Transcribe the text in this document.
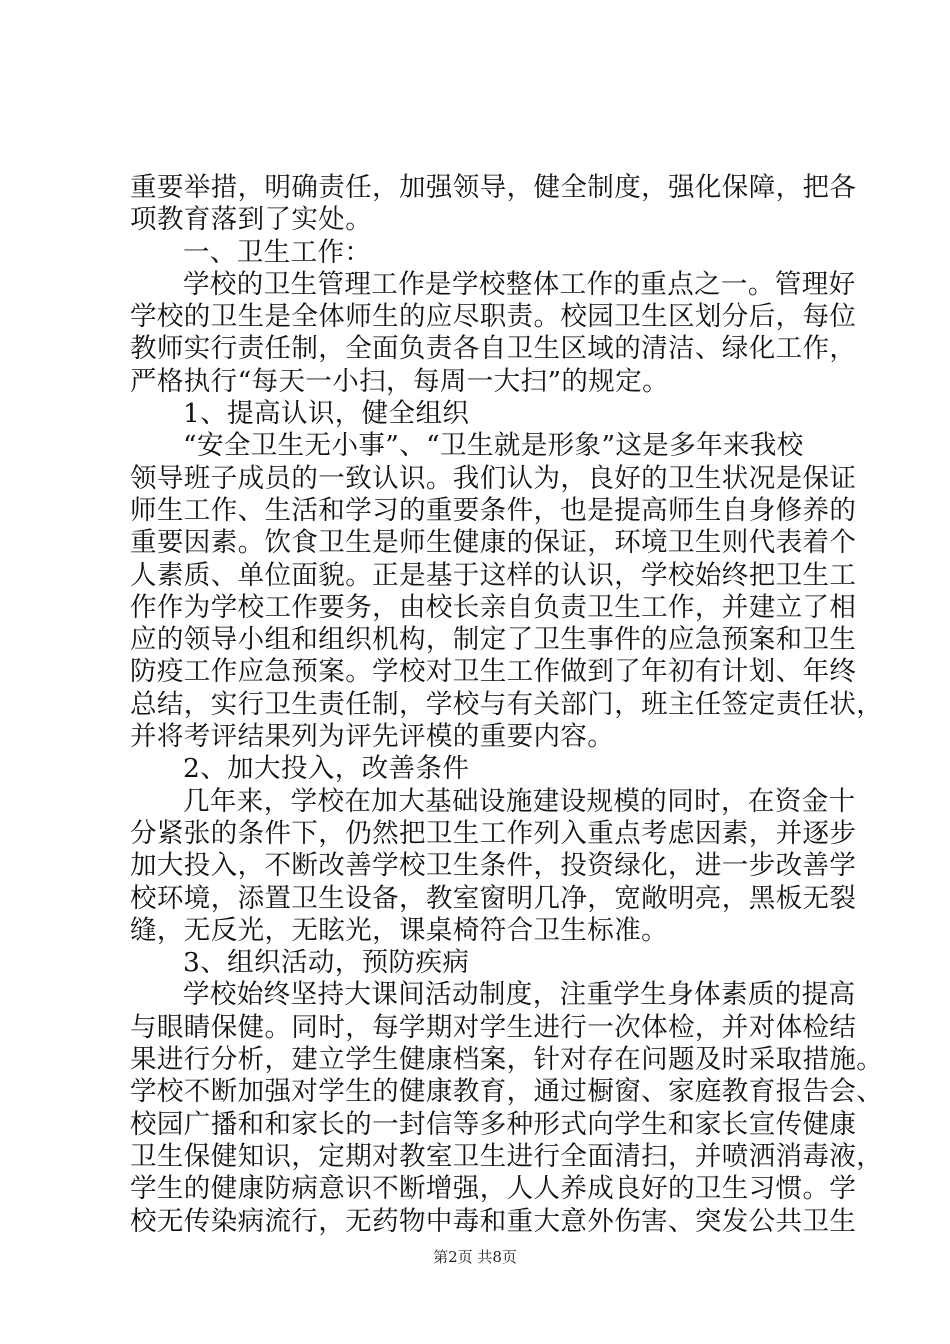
重要举措，明确责任，加强领导，健全制度，强化保障，把各
项教育落到了实处。
一、卫生工作：
学校的卫生管理工作是学校整体工作的重点之一。管理好
学校的卫生是全体师生的应尽职责。校园卫生区划分后，每位
教师实行责任制，全面负责各自卫生区域的清洁、绿化工作，
严格执行“每天一小扫，每周一大扫”的规定。
1、提高认识，健全组织
“安全卫生无小事”、“卫生就是形象”这是多年来我校
领导班子成员的一致认识。我们认为，良好的卫生状况是保证
师生工作、生活和学习的重要条件，也是提高师生自身修养的
重要因素。饮食卫生是师生健康的保证，环境卫生则代表着个
人素质、单位面貌。正是基于这样的认识，学校始终把卫生工
作作为学校工作要务，由校长亲自负责卫生工作，并建立了相
应的领导小组和组织机构，制定了卫生事件的应急预案和卫生
防疫工作应急预案。学校对卫生工作做到了年初有计划、年终
总结，实行卫生责任制，学校与有关部门，班主任签定责任状，
并将考评结果列为评先评模的重要内容。
2、加大投入，改善条件
几年来，学校在加大基础设施建设规模的同时，在资金十
分紧张的条件下，仍然把卫生工作列入重点考虑因素，并逐步
加大投入，不断改善学校卫生条件，投资绿化，进一步改善学
校环境，添置卫生设备，教室窗明几净，宽敞明亮，黑板无裂
缝，无反光，无眩光，课桌椅符合卫生标准。
3、组织活动，预防疾病
学校始终坚持大课间活动制度，注重学生身体素质的提高
与眼睛保健。同时，每学期对学生进行一次体检，并对体检结
果进行分析，建立学生健康档案，针对存在问题及时采取措施。
学校不断加强对学生的健康教育，通过橱窗、家庭教育报告会、
校园广播和和家长的一封信等多种形式向学生和家长宣传健康
卫生保健知识，定期对教室卫生进行全面清扫，并喷洒消毒液，
学生的健康防病意识不断增强，人人养成良好的卫生习惯。学
校无传染病流行，无药物中毒和重大意外伤害、突发公共卫生
第2页 共8页
